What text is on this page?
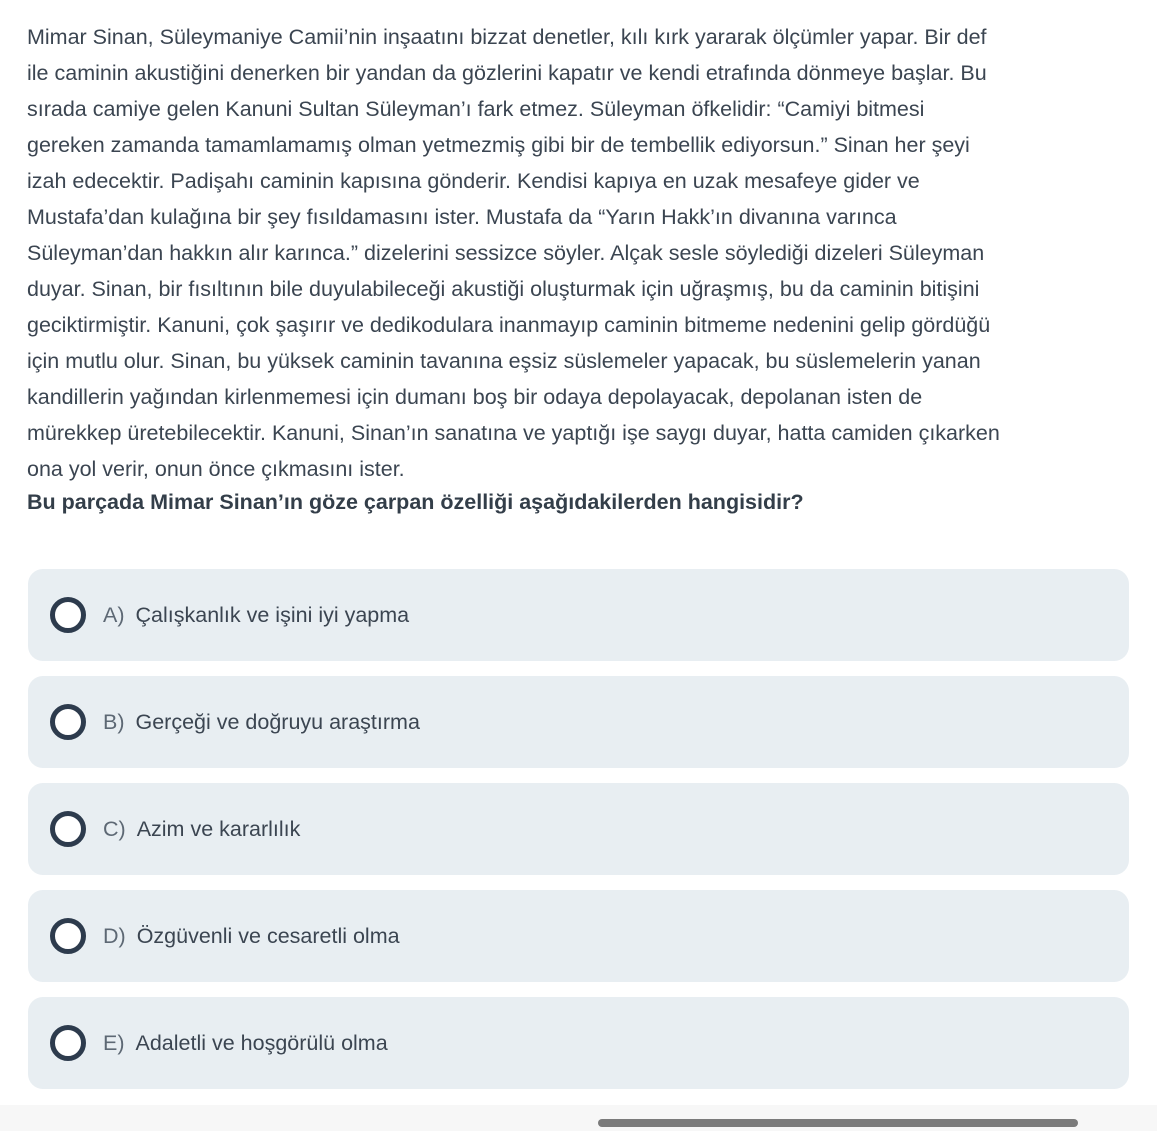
Mimar Sinan, Süleymaniye Camii’nin inşaatını bizzat denetler, kılı kırk yararak ölçümler yapar. Bir def
ile caminin akustiğini denerken bir yandan da gözlerini kapatır ve kendi etrafında dönmeye başlar. Bu
sırada camiye gelen Kanuni Sultan Süleyman’ı fark etmez. Süleyman öfkelidir: “Camiyi bitmesi
gereken zamanda tamamlamamış olman yetmezmiş gibi bir de tembellik ediyorsun.” Sinan her şeyi
izah edecektir. Padişahı caminin kapısına gönderir. Kendisi kapıya en uzak mesafeye gider ve
Mustafa’dan kulağına bir şey fısıldamasını ister. Mustafa da “Yarın Hakk’ın divanına varınca
Süleyman’dan hakkın alır karınca.” dizelerini sessizce söyler. Alçak sesle söylediği dizeleri Süleyman
duyar. Sinan, bir fısıltının bile duyulabileceği akustiği oluşturmak için uğraşmış, bu da caminin bitişini
geciktirmiştir. Kanuni, çok şaşırır ve dedikodulara inanmayıp caminin bitmeme nedenini gelip gördüğü
için mutlu olur. Sinan, bu yüksek caminin tavanına eşsiz süslemeler yapacak, bu süslemelerin yanan
kandillerin yağından kirlenmemesi için dumanı boş bir odaya depolayacak, depolanan isten de
mürekkep üretebilecektir. Kanuni, Sinan’ın sanatına ve yaptığı işe saygı duyar, hatta camiden çıkarken
ona yol verir, onun önce çıkmasını ister.
Bu parçada Mimar Sinan’ın göze çarpan özelliği aşağıdakilerden hangisidir?
A) Çalışkanlık ve işini iyi yapma
B) Gerçeği ve doğruyu araştırma
C) Azim ve kararlılık
D) Özgüvenli ve cesaretli olma
E) Adaletli ve hoşgörülü olma
